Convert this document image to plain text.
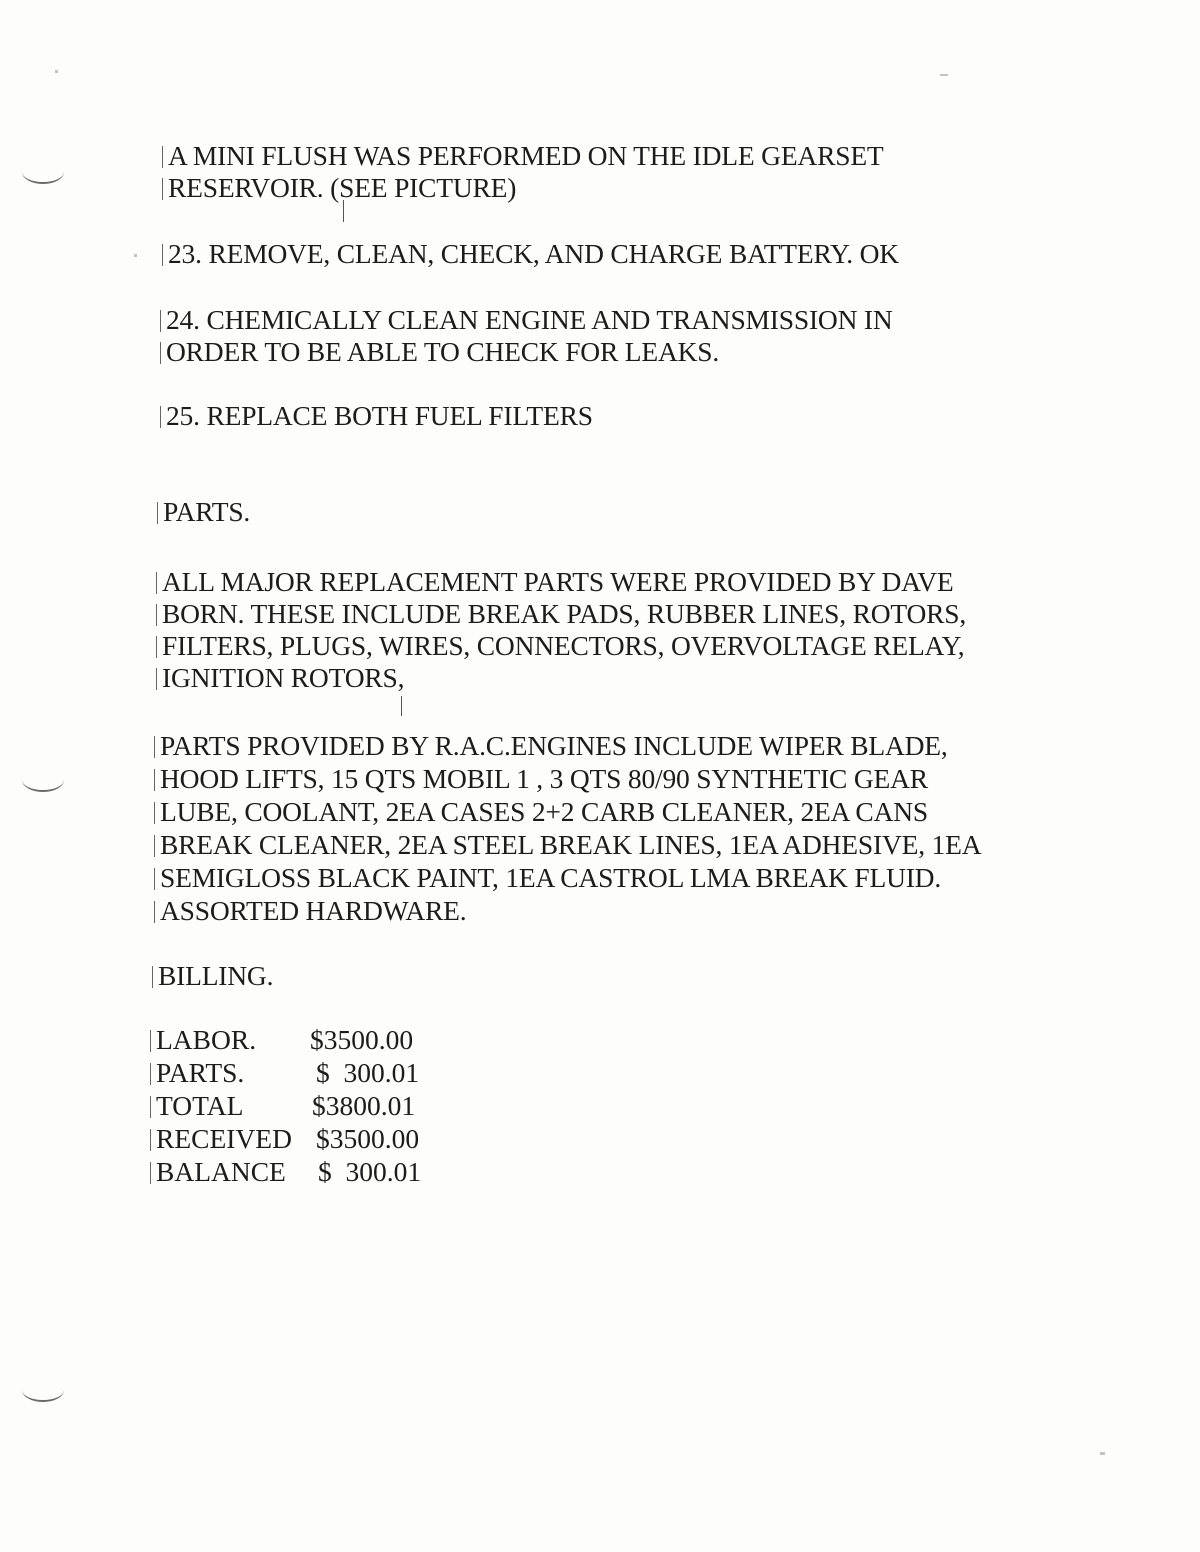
A MINI FLUSH WAS PERFORMED ON THE IDLE GEARSET
RESERVOIR. (SEE PICTURE)
23. REMOVE, CLEAN, CHECK, AND CHARGE BATTERY. OK
24. CHEMICALLY CLEAN ENGINE AND TRANSMISSION IN
ORDER TO BE ABLE TO CHECK FOR LEAKS.
25. REPLACE BOTH FUEL FILTERS
PARTS.
ALL MAJOR REPLACEMENT PARTS WERE PROVIDED BY DAVE
BORN. THESE INCLUDE BREAK PADS, RUBBER LINES, ROTORS,
FILTERS, PLUGS, WIRES, CONNECTORS, OVERVOLTAGE RELAY,
IGNITION ROTORS,
PARTS PROVIDED BY R.A.C.ENGINES INCLUDE WIPER BLADE,
HOOD LIFTS, 15 QTS MOBIL 1 , 3 QTS 80/90 SYNTHETIC GEAR
LUBE, COOLANT, 2EA CASES 2+2 CARB CLEANER, 2EA CANS
BREAK CLEANER, 2EA STEEL BREAK LINES, 1EA ADHESIVE, 1EA
SEMIGLOSS BLACK PAINT, 1EA CASTROL LMA BREAK FLUID.
ASSORTED HARDWARE.
BILLING.
LABOR. $3500.00
PARTS.	$  300.01
TOTAL $3800.01
RECEIVED $3500.00
BALANCE $  300.01
